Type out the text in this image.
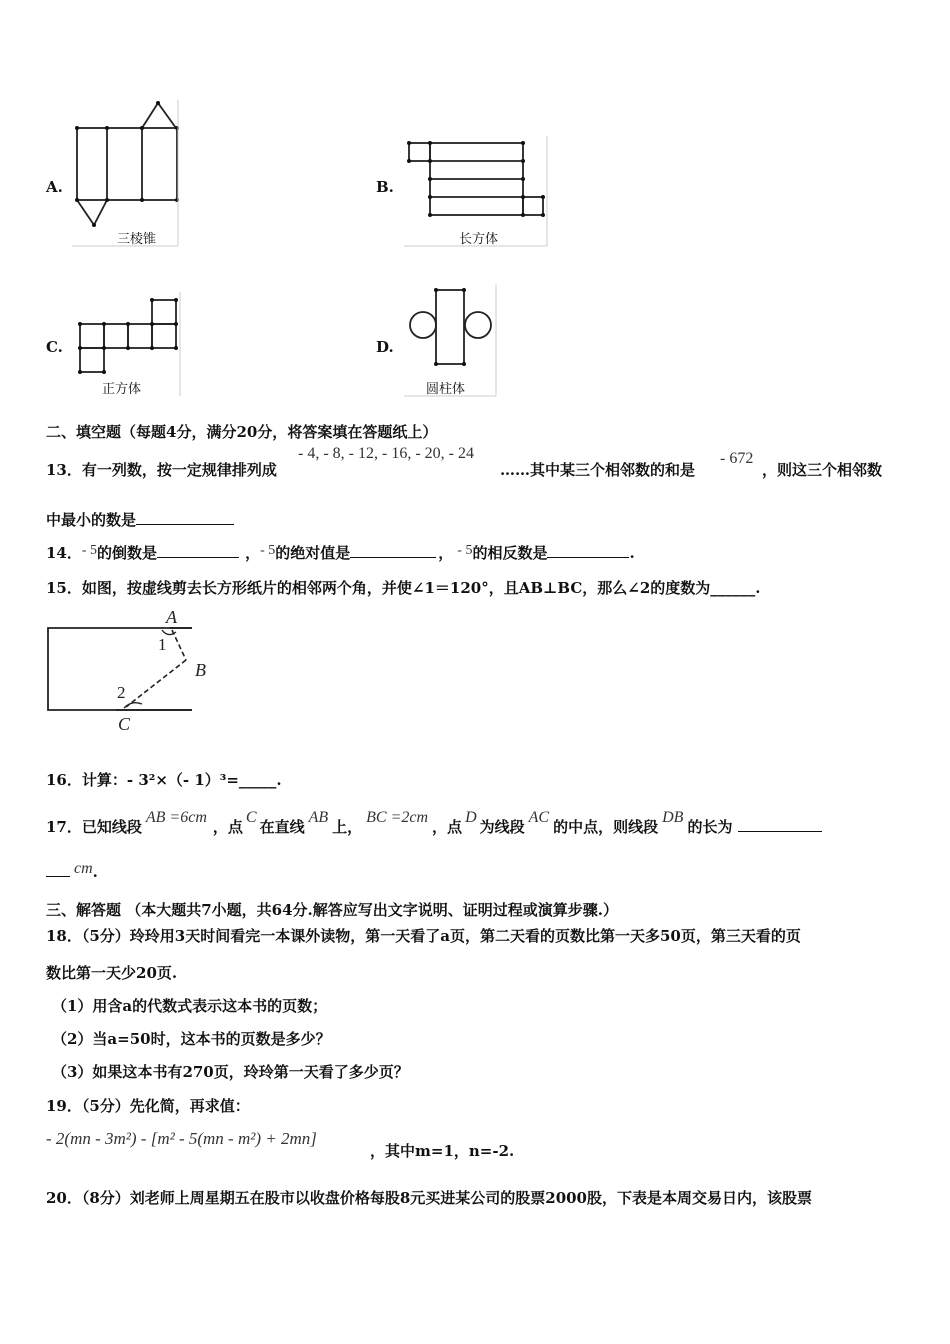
A.
三棱锥
B.
长方体
C.
正方体
D.
圆柱体
二、填空题（每题4分，满分20分，将答案填在答题纸上）
13．有一列数，按一定规律排列成
- 4, - 8, - 12, - 16, - 20, - 24
……其中某三个相邻数的和是
- 672
，则这三个相邻数
中最小的数是
14．- 5的倒数是	，- 5的绝对值是	， - 5的相反数是	.
15．如图，按虚线剪去长方形纸片的相邻两个角，并使∠1＝120°，且AB⊥BC，那么∠2的度数为______.
A
1
B
2
C
16．计算：- 3²×（- 1）³=_____.
17．已知线段AB =6cm，点C在直线AB上，BC =2cm，点D为线段AC的中点，则线段DB的长为
cm.
三、解答题 （本大题共7小题，共64分.解答应写出文字说明、证明过程或演算步骤.）
18．（5分）玲玲用3天时间看完一本课外读物，第一天看了a页，第二天看的页数比第一天多50页，第三天看的页
数比第一天少20页.
（1）用含a的代数式表示这本书的页数；
（2）当a=50时，这本书的页数是多少？
（3）如果这本书有270页，玲玲第一天看了多少页？
19．（5分）先化简，再求值：
- 2(mn - 3m²) - [m² - 5(mn - m²) + 2mn]
，其中m=1，n=-2.
20．（8分）刘老师上周星期五在股市以收盘价格每股8元买进某公司的股票2000股，下表是本周交易日内，该股票
